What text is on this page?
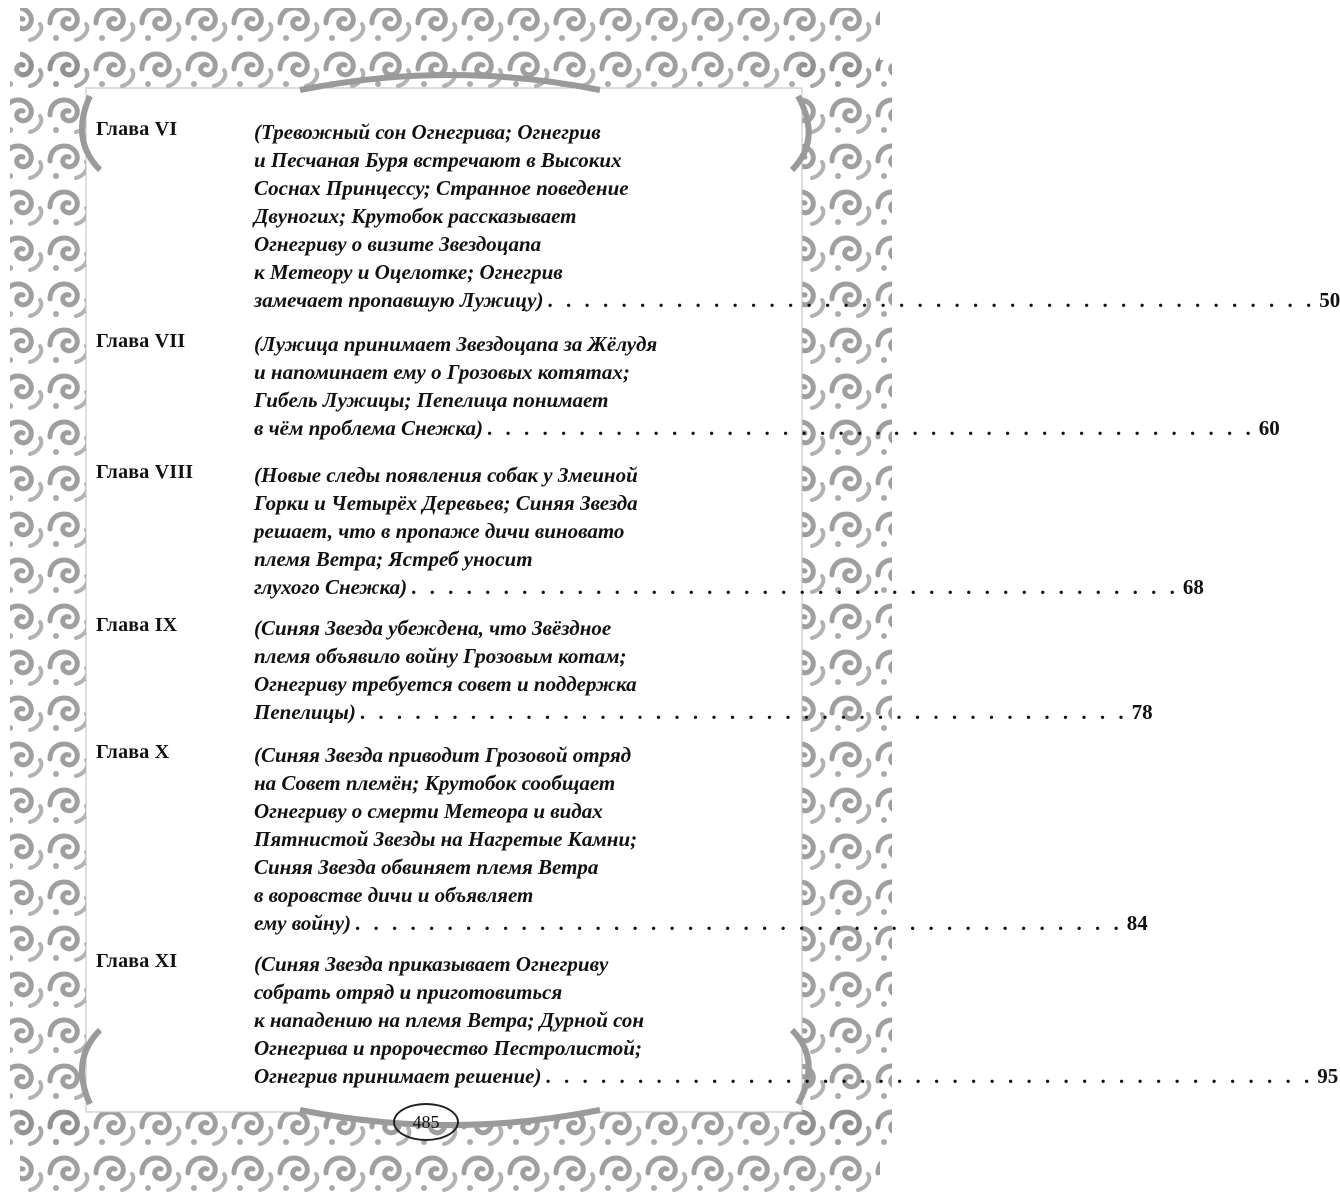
Глава VI	(Тревожный сон Огнегрива; Огнегрив
и Песчаная Буря встречают в Высоких
Соснах Принцессу; Странное поведение
Двуногих; Крутобок рассказывает
Огнегриву о визите Звездоцапа
к Метеору и Оцелотке; Огнегрив
замечает пропавшую Лужицу) . . . . . . . . . . . . . . . . . . . . . . . . . . . . . . . . . . . . . . . . . . 50
Глава VII	(Лужица принимает Звездоцапа за Жёлудя
и напоминает ему о Грозовых котятах;
Гибель Лужицы; Пепелица понимает
в чём проблема Снежка) . . . . . . . . . . . . . . . . . . . . . . . . . . . . . . . . . . . . . . . . . . 60
Глава VIII	(Новые следы появления собак у Змеиной
Горки и Четырёх Деревьев; Синяя Звезда
решает, что в пропаже дичи виновато
племя Ветра; Ястреб уносит
глухого Снежка) . . . . . . . . . . . . . . . . . . . . . . . . . . . . . . . . . . . . . . . . . . 68
Глава IX	(Синяя Звезда убеждена, что Звёздное
племя объявило войну Грозовым котам;
Огнегриву требуется совет и поддержка
Пепелицы) . . . . . . . . . . . . . . . . . . . . . . . . . . . . . . . . . . . . . . . . . . 78
Глава X	(Синяя Звезда приводит Грозовой отряд
на Совет племён; Крутобок сообщает
Огнегриву о смерти Метеора и видах
Пятнистой Звезды на Нагретые Камни;
Синяя Звезда обвиняет племя Ветра
в воровстве дичи и объявляет
ему войну) . . . . . . . . . . . . . . . . . . . . . . . . . . . . . . . . . . . . . . . . . . 84
Глава XI	(Синяя Звезда приказывает Огнегриву
собрать отряд и приготовиться
к нападению на племя Ветра; Дурной сон
Огнегрива и пророчество Пестролистой;
Огнегрив принимает решение) . . . . . . . . . . . . . . . . . . . . . . . . . . . . . . . . . . . . . . . . . . 95
485
